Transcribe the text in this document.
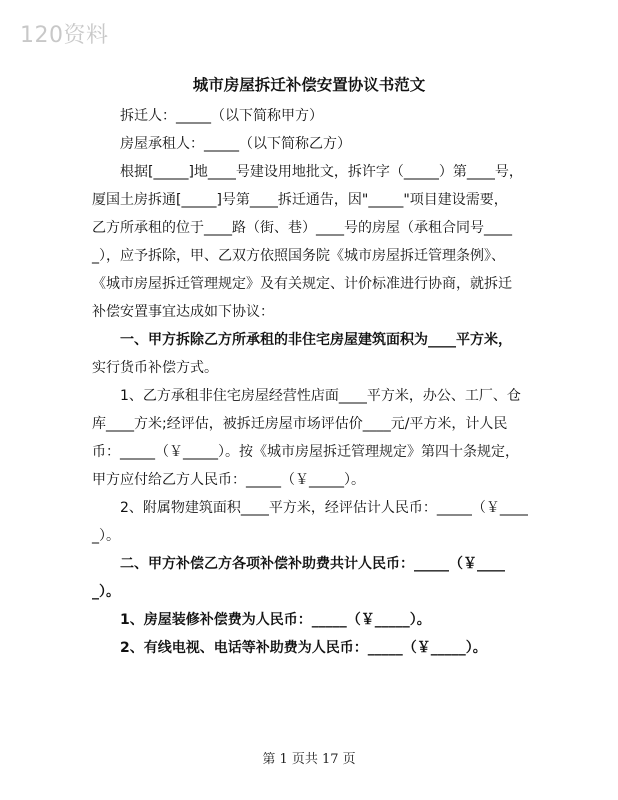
120资料
城市房屋拆迁补偿安置协议书范文
拆迁人：_____（以下简称甲方）
房屋承租人：_____（以下简称乙方）
根据[_____]地____号建设用地批文，拆许字（_____）第____号，
厦国土房拆通[_____]号第____拆迁通告，因"_____"项目建设需要，
乙方所承租的位于____路（街、巷）____号的房屋（承租合同号____
_），应予拆除，甲、乙双方依照国务院《城市房屋拆迁管理条例》、
《城市房屋拆迁管理规定》及有关规定、计价标准进行协商，就拆迁
补偿安置事宜达成如下协议：
一、甲方拆除乙方所承租的非住宅房屋建筑面积为____平方米，
实行货币补偿方式。
1、乙方承租非住宅房屋经营性店面____平方米，办公、工厂、仓
库____方米;经评估，被拆迁房屋市场评估价____元/平方米，计人民
币：_____（￥_____）。按《城市房屋拆迁管理规定》第四十条规定，
甲方应付给乙方人民币：_____（￥_____）。
2、附属物建筑面积____平方米，经评估计人民币：_____（￥____
_）。
二、甲方补偿乙方各项补偿补助费共计人民币：_____（￥____
_）。
1、房屋装修补偿费为人民币：_____（￥_____）。
2、有线电视、电话等补助费为人民币：_____（￥_____）。
第 1 页共 17 页
